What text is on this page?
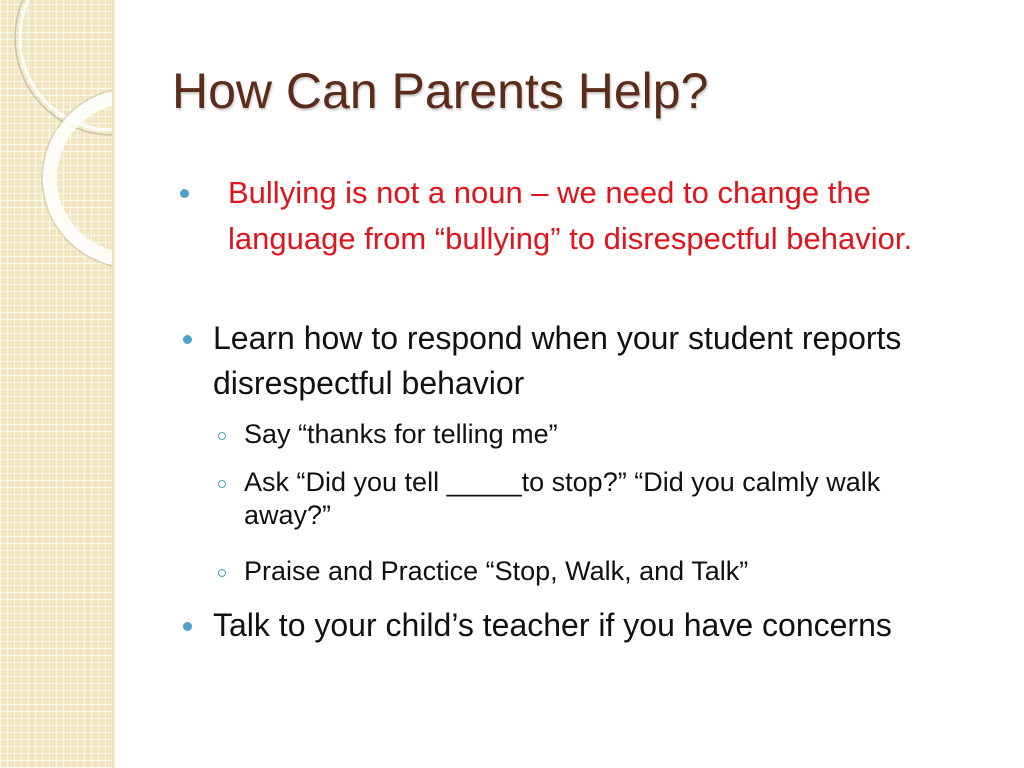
How Can Parents Help?
Bullying is not a noun – we need to change the language from “bullying” to disrespectful behavior.
Learn how to respond when your student reports disrespectful behavior
Say “thanks for telling me”
Ask “Did you tell _____to stop?” “Did you calmly walk away?”
Praise and Practice “Stop, Walk, and Talk”
Talk to your child’s teacher if you have concerns
